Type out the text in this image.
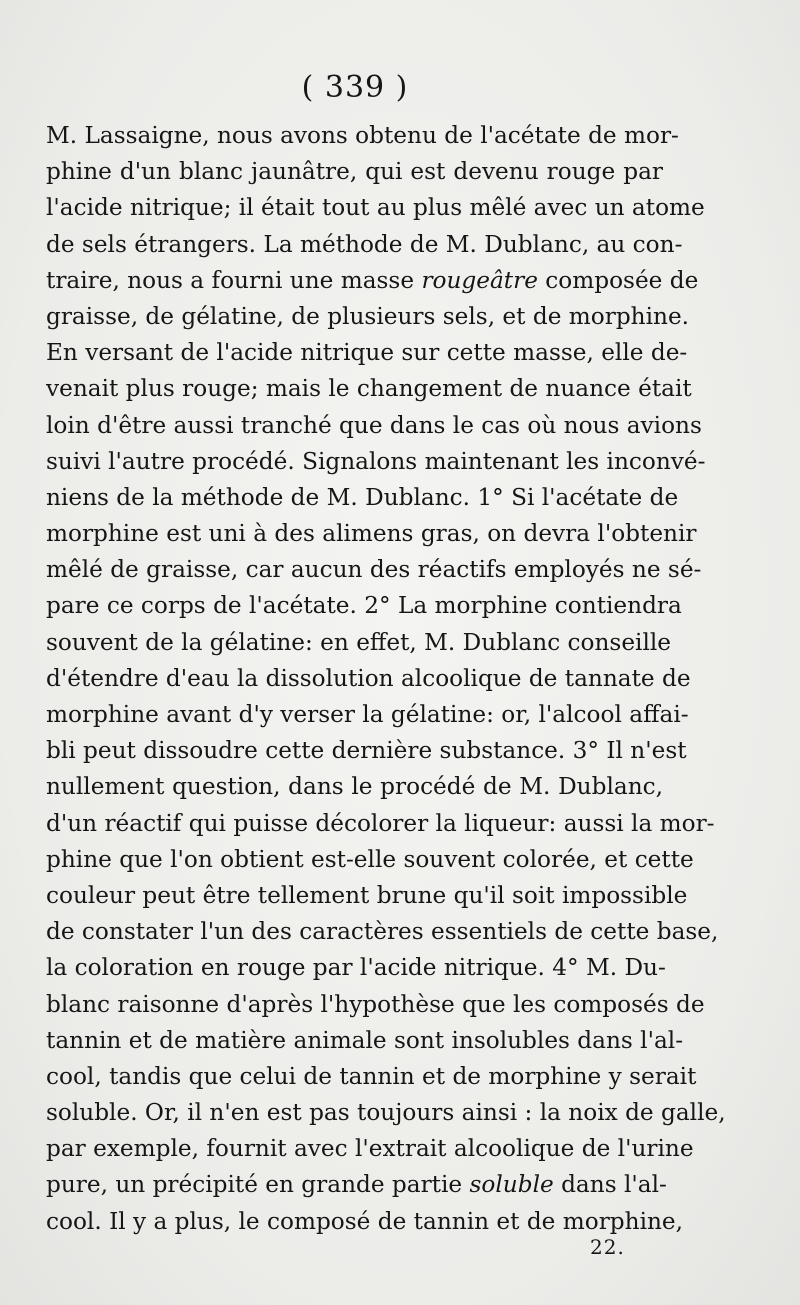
( 339 )
M. Lassaigne, nous avons obtenu de l'acétate de mor-
phine d'un blanc jaunâtre, qui est devenu rouge par
l'acide nitrique; il était tout au plus mêlé avec un atome
de sels étrangers. La méthode de M. Dublanc, au con-
traire, nous a fourni une masse rougeâtre composée de
graisse, de gélatine, de plusieurs sels, et de morphine.
En versant de l'acide nitrique sur cette masse, elle de-
venait plus rouge; mais le changement de nuance était
loin d'être aussi tranché que dans le cas où nous avions
suivi l'autre procédé. Signalons maintenant les inconvé-
niens de la méthode de M. Dublanc. 1° Si l'acétate de
morphine est uni à des alimens gras, on devra l'obtenir
mêlé de graisse, car aucun des réactifs employés ne sé-
pare ce corps de l'acétate. 2° La morphine contiendra
souvent de la gélatine: en effet, M. Dublanc conseille
d'étendre d'eau la dissolution alcoolique de tannate de
morphine avant d'y verser la gélatine: or, l'alcool affai-
bli peut dissoudre cette dernière substance. 3° Il n'est
nullement question, dans le procédé de M. Dublanc,
d'un réactif qui puisse décolorer la liqueur: aussi la mor-
phine que l'on obtient est-elle souvent colorée, et cette
couleur peut être tellement brune qu'il soit impossible
de constater l'un des caractères essentiels de cette base,
la coloration en rouge par l'acide nitrique. 4° M. Du-
blanc raisonne d'après l'hypothèse que les composés de
tannin et de matière animale sont insolubles dans l'al-
cool, tandis que celui de tannin et de morphine y serait
soluble. Or, il n'en est pas toujours ainsi : la noix de galle,
par exemple, fournit avec l'extrait alcoolique de l'urine
pure, un précipité en grande partie soluble dans l'al-
cool. Il y a plus, le composé de tannin et de morphine,
22.
